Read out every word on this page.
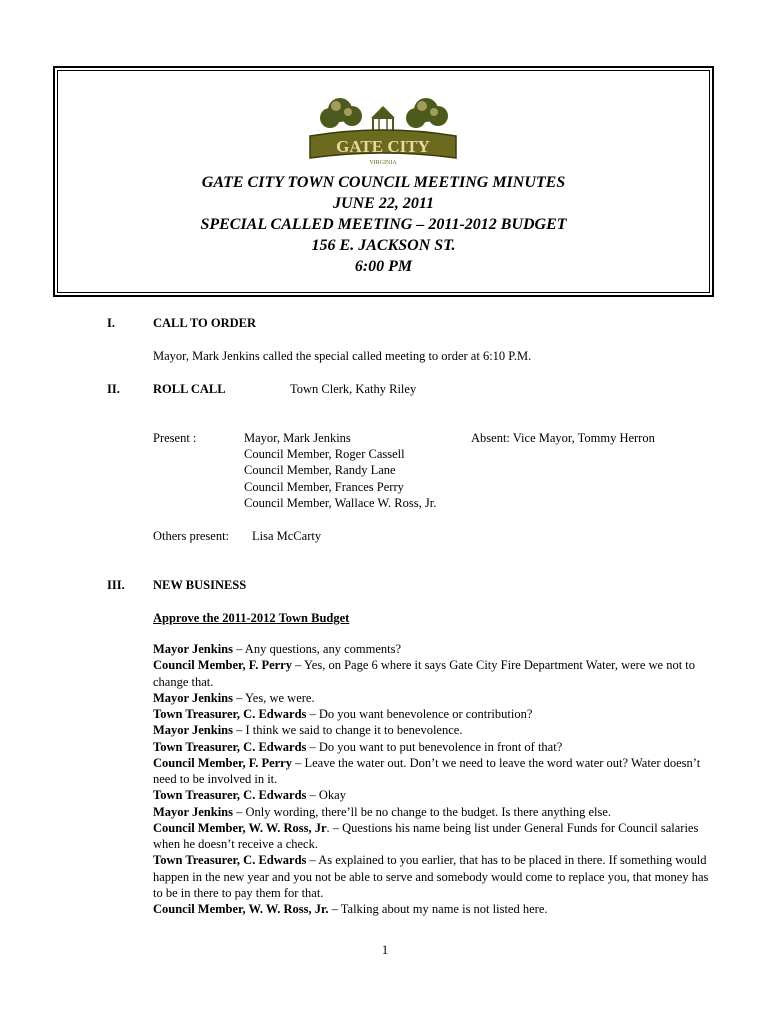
GATE CITY
VIRGINIA
GATE CITY TOWN COUNCIL MEETING MINUTES
JUNE 22, 2011
SPECIAL CALLED MEETING – 2011-2012 BUDGET
156 E. JACKSON ST.
6:00 PM
I.	CALL TO ORDER
Mayor, Mark Jenkins called the special called meeting to order at 6:10 P.M.
II.	ROLL CALL	Town Clerk, Kathy Riley
Present :	Mayor, Mark Jenkins
Council Member, Roger Cassell
Council Member, Randy Lane
Council Member, Frances Perry
Council Member, Wallace W. Ross, Jr.
Absent: Vice Mayor, Tommy Herron
Others present: Lisa McCarty
III. NEW BUSINESS
Approve the 2011-2012 Town Budget

Mayor Jenkins – Any questions, any comments?

Council Member, F. Perry – Yes, on Page 6 where it says Gate City Fire Department Water, were we not to change that.

Mayor Jenkins – Yes, we were.

Town Treasurer, C. Edwards – Do you want benevolence or contribution?

Mayor Jenkins – I think we said to change it to benevolence.

Town Treasurer, C. Edwards – Do you want to put benevolence in front of that?

Council Member, F. Perry – Leave the water out. Don’t we need to leave the word water out? Water doesn’t need to be involved in it.

Town Treasurer, C. Edwards – Okay

Mayor Jenkins – Only wording, there’ll be no change to the budget. Is there anything else.

Council Member, W. W. Ross, Jr. – Questions his name being list under General Funds for Council salaries when he doesn’t receive a check.

Town Treasurer, C. Edwards – As explained to you earlier, that has to be placed in there. If something would happen in the new year and you not be able to serve and somebody would come to replace you, that money has to be in there to pay them for that.

Council Member, W. W. Ross, Jr. – Talking about my name is not listed here.

1
